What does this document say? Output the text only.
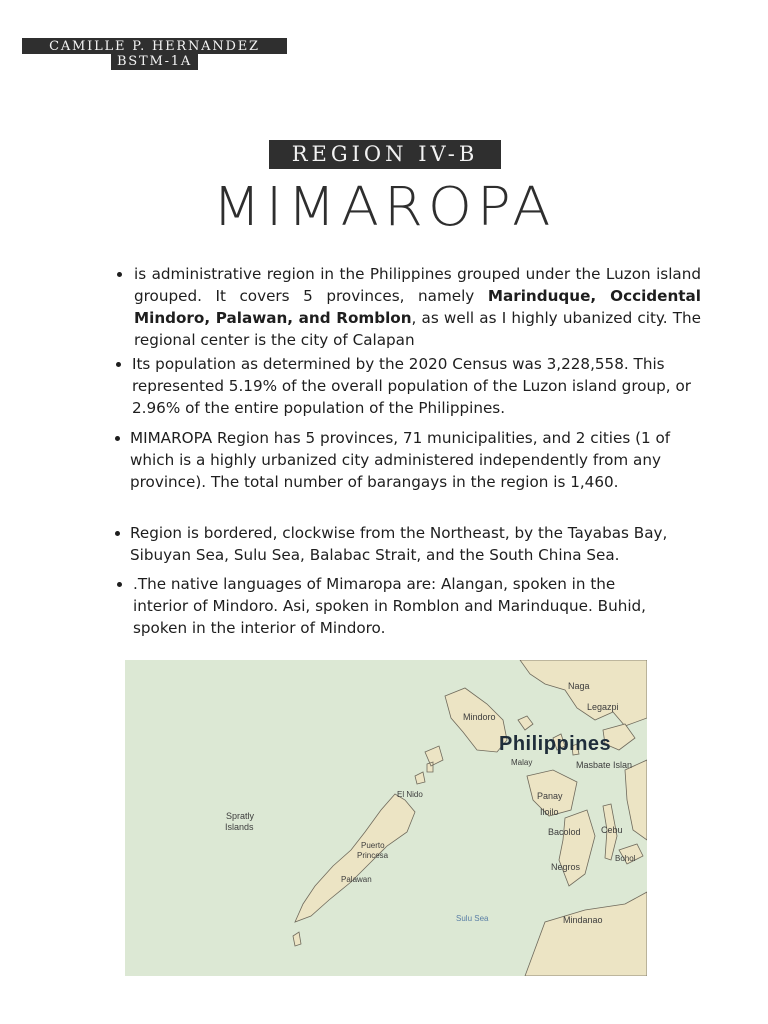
CAMILLE P. HERNANDEZ
BSTM-1A
REGION IV-B
MIMAROPA
is administrative region in the Philippines grouped under the Luzon island grouped. It covers 5 provinces, namely Marinduque, Occidental Mindoro, Palawan, and Romblon, as well as I highly ubanized city. The regional center is the city of Calapan
Its population as determined by the 2020 Census was 3,228,558. This represented 5.19% of the overall population of the Luzon island group, or 2.96% of the entire population of the Philippines.
MIMAROPA Region has 5 provinces, 71 municipalities, and 2 cities (1 of which is a highly urbanized city administered independently from any province). The total number of barangays in the region is 1,460.
Region is bordered, clockwise from the Northeast, by the Tayabas Bay, Sibuyan Sea, Sulu Sea, Balabac Strait, and the South China Sea.
.The native languages of Mimaropa are: Alangan, spoken in the interior of Mindoro. Asi, spoken in Romblon and Marinduque. Buhid, spoken in the interior of Mindoro.
Naga
Legazpi
Mindoro
Philippines
Malay	Masbate Islan
El Nido
Spratly
Islands
Puerto
Princesa
Palawan
Panay
Iloilo
Bacolod Cebu
Bohol
Negros
Sulu Sea	Mindanao
